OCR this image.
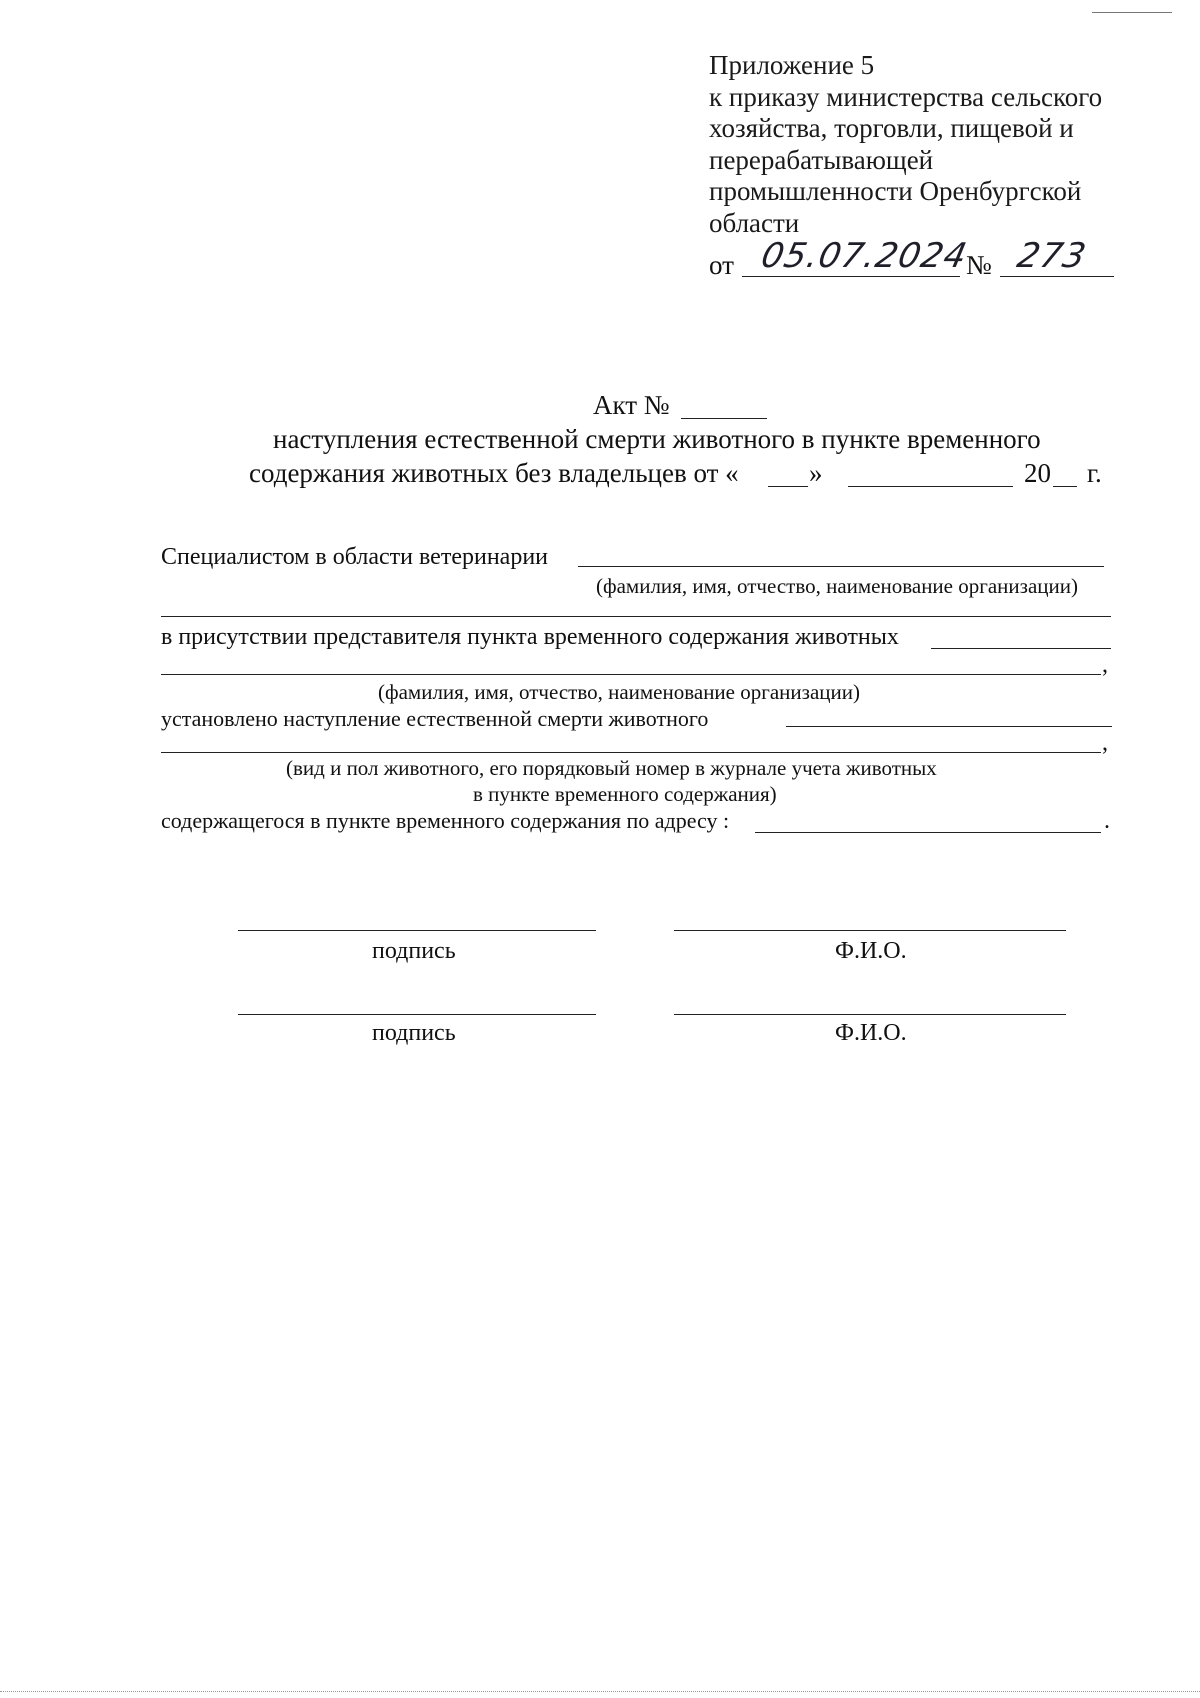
Приложение 5
к приказу министерства сельского
хозяйства, торговли, пищевой и
перерабатывающей
промышленности Оренбургской
области
от 05.07.2024
№ 273
Акт №
наступления естественной смерти животного в пункте временного
содержания животных без владельцев от «	»	20 г.
Специалистом в области ветеринарии
(фамилия, имя, отчество, наименование организации)
в присутствии представителя пункта временного содержания животных
,
(фамилия, имя, отчество, наименование организации)
установлено наступление естественной смерти животного
,
(вид и пол животного, его порядковый номер в журнале учета животных
в пункте временного содержания)
содержащегося в пункте временного содержания по адресу :	.
подпись	Ф.И.О.
подпись	Ф.И.О.
